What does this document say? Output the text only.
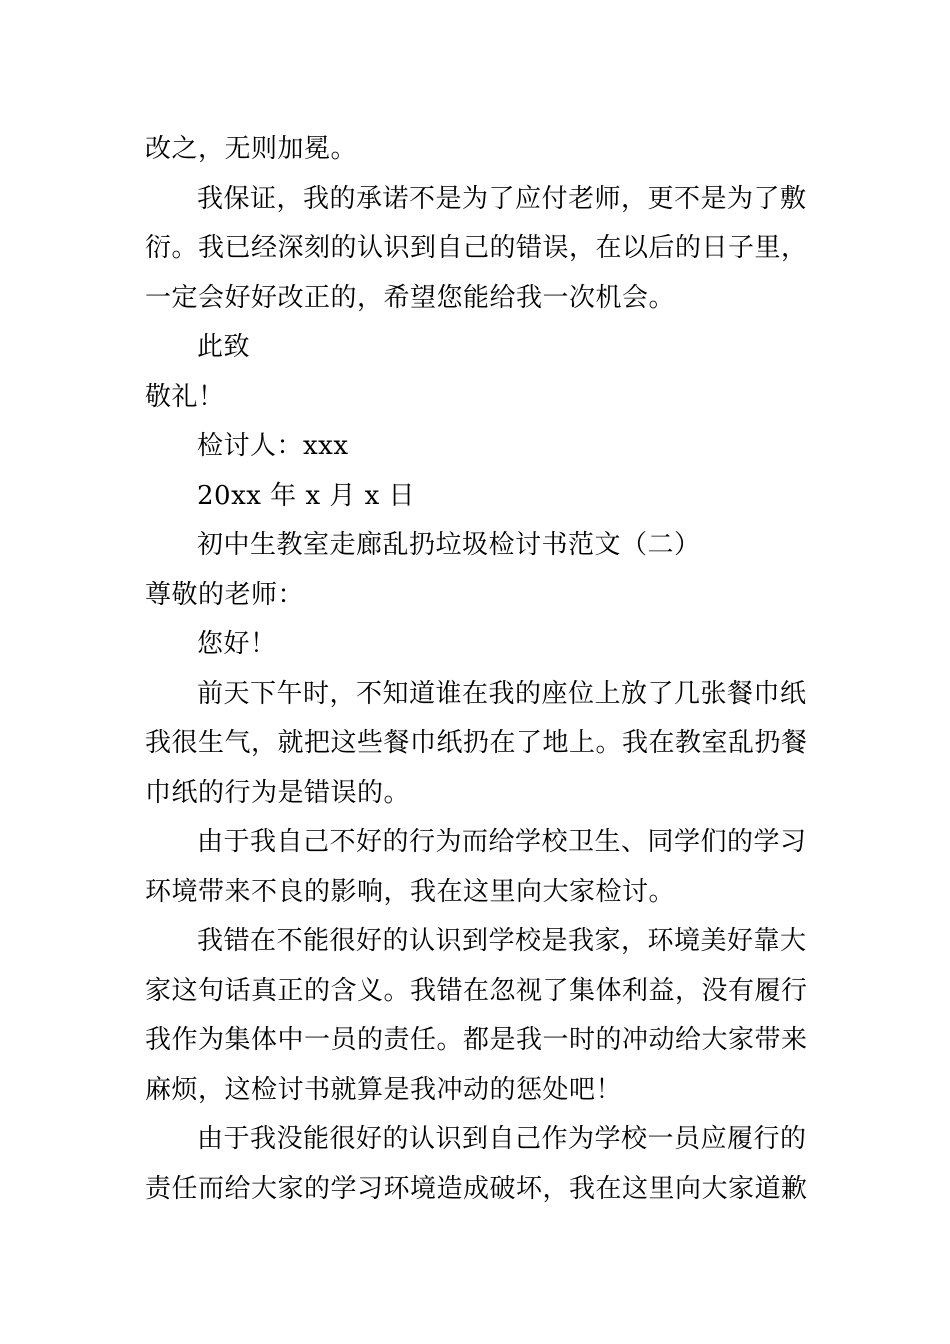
改之，无则加冕。
我保证，我的承诺不是为了应付老师，更不是为了敷
衍。我已经深刻的认识到自己的错误，在以后的日子里，
一定会好好改正的，希望您能给我一次机会。
此致
敬礼！
检讨人：xxx
20xx 年 x 月 x 日
初中生教室走廊乱扔垃圾检讨书范文（二）
尊敬的老师：
您好！
前天下午时，不知道谁在我的座位上放了几张餐巾纸
我很生气，就把这些餐巾纸扔在了地上。我在教室乱扔餐
巾纸的行为是错误的。
由于我自己不好的行为而给学校卫生、同学们的学习
环境带来不良的影响，我在这里向大家检讨。
我错在不能很好的认识到学校是我家，环境美好靠大
家这句话真正的含义。我错在忽视了集体利益，没有履行
我作为集体中一员的责任。都是我一时的冲动给大家带来
麻烦，这检讨书就算是我冲动的惩处吧！
由于我没能很好的认识到自己作为学校一员应履行的
责任而给大家的学习环境造成破坏，我在这里向大家道歉
